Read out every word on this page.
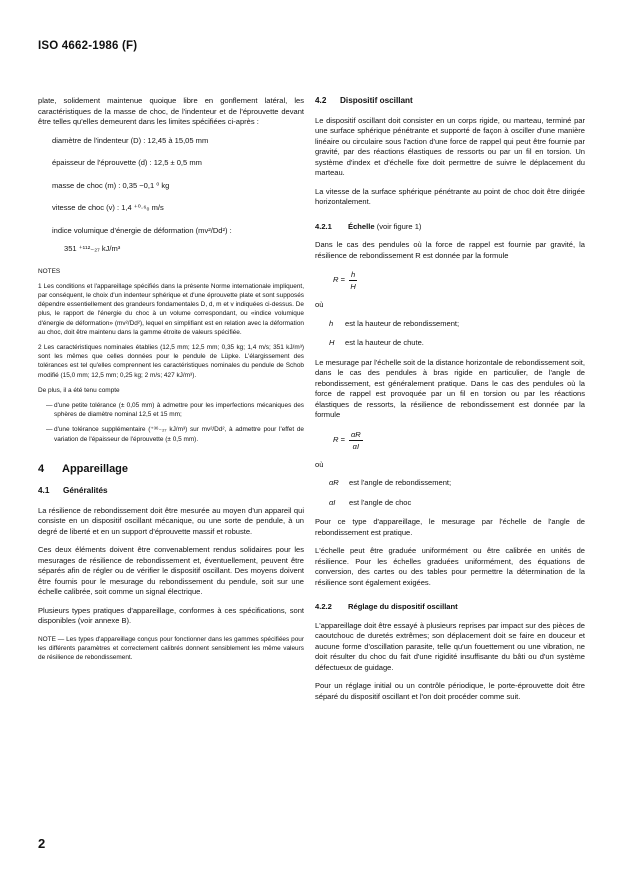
ISO 4662-1986 (F)

plate, solidement maintenue quoique libre en gonflement latéral, les caractéristiques de la masse de choc, de l'indenteur et de l'éprouvette devant être telles qu'elles demeurent dans les limites spécifiées ci-après :

diamètre de l'indenteur (D) : 12,45 à 15,05 mm

épaisseur de l'éprouvette (d) : 12,5 ± 0,5 mm

masse de choc (m) : 0,35 −0,1 ⁰ kg

vitesse de choc (v) : 1,4 ⁺⁰·⁶₀ m/s

indice volumique d'énergie de déformation (mv²/Dd²) :

351 ⁺¹¹²₋₂₇ kJ/m³

NOTES

1 Les conditions et l'appareillage spécifiés dans la présente Norme internationale impliquent, par conséquent, le choix d'un indenteur sphérique et d'une éprouvette plate et sont supposés dépendre essentiellement des grandeurs fondamentales D, d, m et v indiquées ci-dessus. De plus, le rapport de l'énergie du choc à un volume correspondant, ou «indice volumique d'énergie de déformation» (mv²/Dd²), lequel en simplifiant est en relation avec la déformation au choc, doit être maintenu dans la gamme étroite de valeurs spécifiée.

2 Les caractéristiques nominales établies (12,5 mm; 12,5 mm; 0,35 kg; 1,4 m/s; 351 kJ/m³) sont les mêmes que celles données pour le pendule de Lüpke. L'élargissement des tolérances est tel qu'elles comprennent les caractéristiques nominales du pendule de Schob modifié (15,0 mm; 12,5 mm; 0,25 kg; 2 m/s; 427 kJ/m³).

De plus, il a été tenu compte

— d'une petite tolérance (± 0,05 mm) à admettre pour les imperfections mécaniques des sphères de diamètre nominal 12,5 et 15 mm;
— d'une tolérance supplémentaire (⁺³⁶₋₂₇ kJ/m³) sur mv²/Dd², à admettre pour l'effet de variation de l'épaisseur de l'éprouvette (± 0,5 mm).
4 Appareillage
4.1 Généralités

La résilience de rebondissement doit être mesurée au moyen d'un appareil qui consiste en un dispositif oscillant mécanique, ou une sorte de pendule, à un degré de liberté et en un support d'éprouvette massif et robuste.

Ces deux éléments doivent être convenablement rendus solidaires pour les mesurages de résilience de rebondissement et, éventuellement, peuvent être séparés afin de régler ou de vérifier le dispositif oscillant. Des moyens doivent être fournis pour le mesurage du rebondissement du pendule, soit sur une échelle calibrée, soit comme un signal électrique.

Plusieurs types pratiques d'appareillage, conformes à ces spécifications, sont disponibles (voir annexe B).

NOTE — Les types d'appareillage conçus pour fonctionner dans les gammes spécifiées pour les différents paramètres et correctement calibrés donnent sensiblement les même valeurs de résilience de rebondissement.

4.2 Dispositif oscillant

Le dispositif oscillant doit consister en un corps rigide, ou marteau, terminé par une surface sphérique pénétrante et supporté de façon à osciller d'une manière linéaire ou circulaire sous l'action d'une force de rappel qui peut être fournie par gravité, par des réactions élastiques de ressorts ou par un fil en torsion. Un système d'index et d'échelle fixe doit permettre de suivre le déplacement du marteau.

La vitesse de la surface sphérique pénétrante au point de choc doit être dirigée horizontalement.

4.2.1 Échelle (voir figure 1)

Dans le cas des pendules où la force de rappel est fournie par gravité, la résilience de rebondissement R est donnée par la formule

$R = \frac{h}{H}$

où

h	est la hauteur de rebondissement;
H	est la hauteur de chute.

Le mesurage par l'échelle soit de la distance horizontale de rebondissement soit, dans le cas des pendules à bras rigide en particulier, de l'angle de rebondissement, est généralement pratique. Dans le cas des pendules où la force de rappel est provoquée par un fil en torsion ou par les réactions élastiques de ressorts, la résilience de rebondissement est donnée par la formule

$R = \frac{\alpha R}{\alpha I}$

où

αR	est l'angle de rebondissement;
αI	est l'angle de choc

Pour ce type d'appareillage, le mesurage par l'échelle de l'angle de rebondissement est pratique.

L'échelle peut être graduée uniformément ou être calibrée en unités de résilience. Pour les échelles graduées uniformément, des équations de conversion, des cartes ou des tables pour permettre la détermination de la résilience sont également exigées.

4.2.2 Réglage du dispositif oscillant

L'appareillage doit être essayé à plusieurs reprises par impact sur des pièces de caoutchouc de duretés extrêmes; son déplacement doit se faire en douceur et aucune forme d'oscillation parasite, telle qu'un fouettement ou une vibration, ne doit résulter du choc du fait d'une rigidité insuffisante du bâti ou d'un système défectueux de guidage.

Pour un réglage initial ou un contrôle périodique, le porte-éprouvette doit être séparé du dispositif oscillant et l'on doit procéder comme suit.

2
